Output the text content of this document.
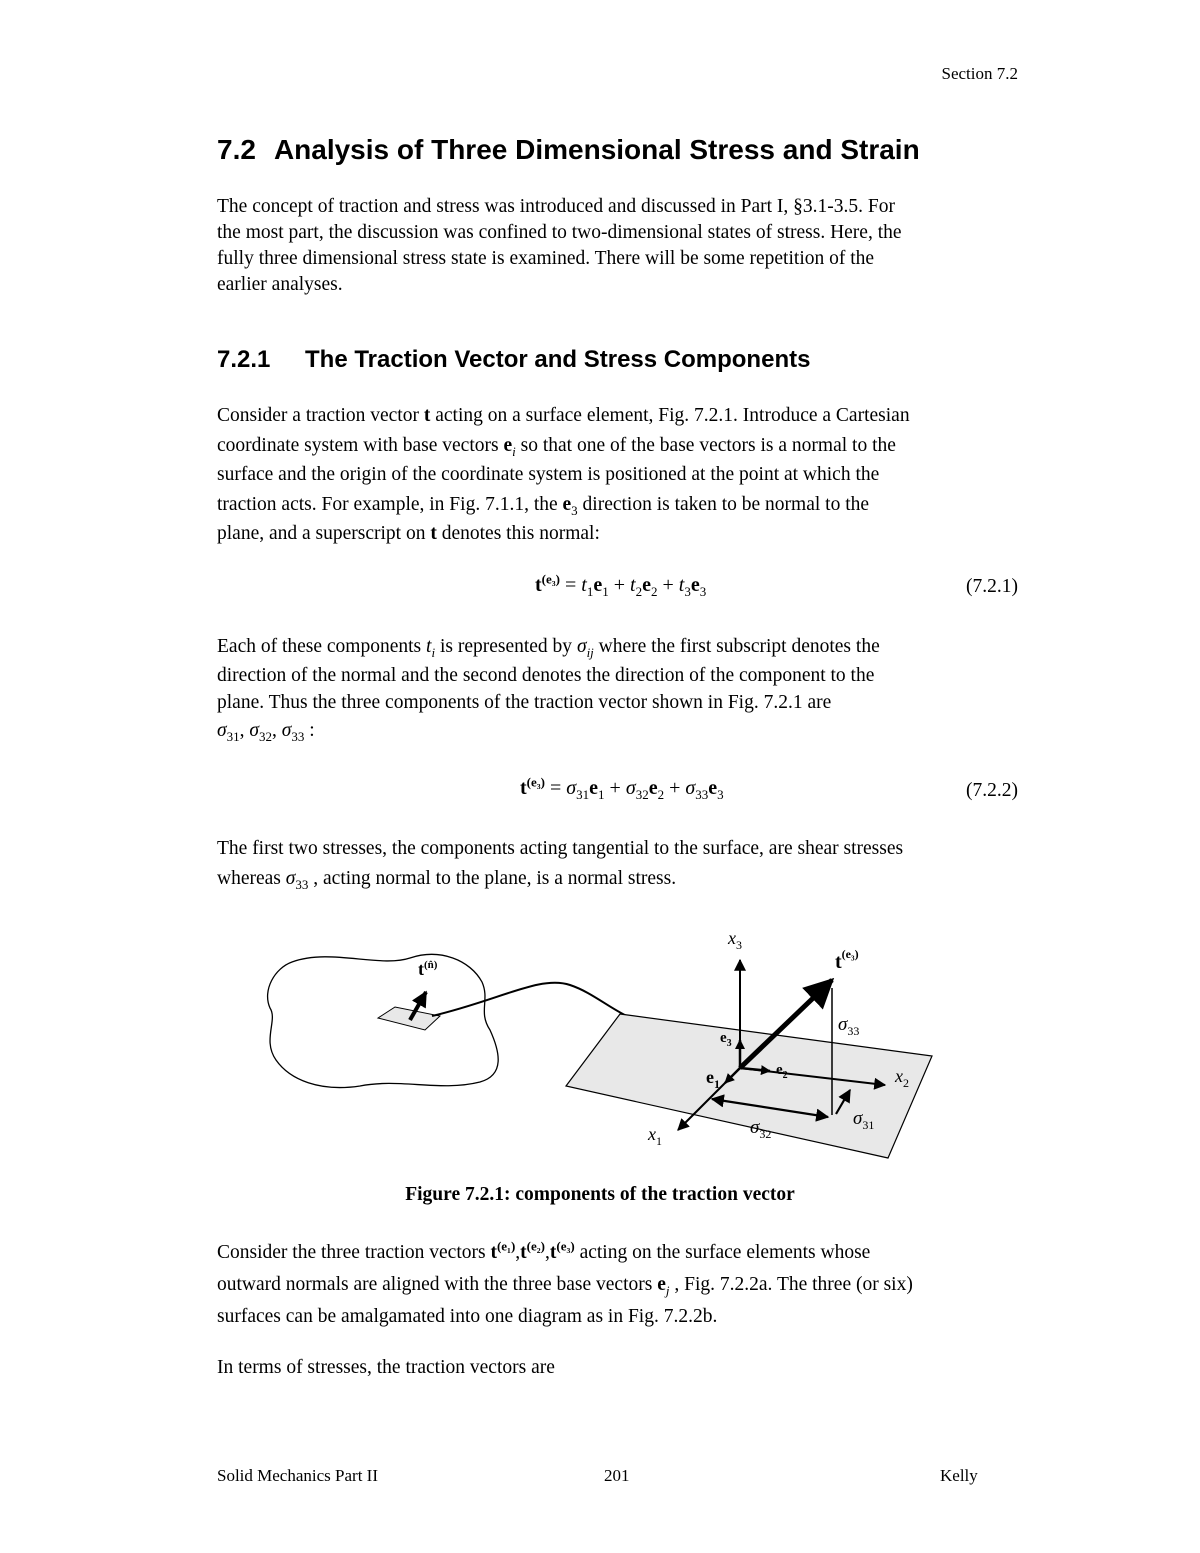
Section 7.2
7.2 Analysis of Three Dimensional Stress and Strain
The concept of traction and stress was introduced and discussed in Part I, §3.1-3.5. For
the most part, the discussion was confined to two-dimensional states of stress. Here, the
fully three dimensional stress state is examined. There will be some repetition of the
earlier analyses.
7.2.1 The Traction Vector and Stress Components
Consider a traction vector t acting on a surface element, Fig. 7.2.1. Introduce a Cartesian
coordinate system with base vectors $e_i$ so that one of the base vectors is a normal to the
surface and the origin of the coordinate system is positioned at the point at which the
traction acts. For example, in Fig. 7.1.1, the $e_3$ direction is taken to be normal to the
plane, and a superscript on t denotes this normal:
$t^{(e_3)} = t_1e_1 + t_2e_2 + t_3e_3$	(7.2.1)
Each of these components $t_i$ is represented by $\sigma_{ij}$ where the first subscript denotes the
direction of the normal and the second denotes the direction of the component to the
plane. Thus the three components of the traction vector shown in Fig. 7.2.1 are
$\sigma_{31}$, $\sigma_{32}$, $\sigma_{33}$ :
$t^{(e_3)} = \sigma_{31}e_1 + \sigma_{32}e_2 + \sigma_{33}e_3$	(7.2.2)
The first two stresses, the components acting tangential to the surface, are shear stresses
whereas $\sigma_{33}$ , acting normal to the plane, is a normal stress.
$t^{(n̂)}$
$x_3$
$t^{(e_3)}$
$\sigma_{33}$
$e_3$
$e_2$
$e_1$	$x_2$
$\sigma_{31}$
$\sigma_{32}$
$x_1$
Figure 7.2.1: components of the traction vector
Consider the three traction vectors $t^{(e_1)},t^{(e_2)},t^{(e_3)}$ acting on the surface elements whose
outward normals are aligned with the three base vectors $e_j$ , Fig. 7.2.2a. The three (or six)
surfaces can be amalgamated into one diagram as in Fig. 7.2.2b.
In terms of stresses, the traction vectors are
Solid Mechanics Part II	201	Kelly
